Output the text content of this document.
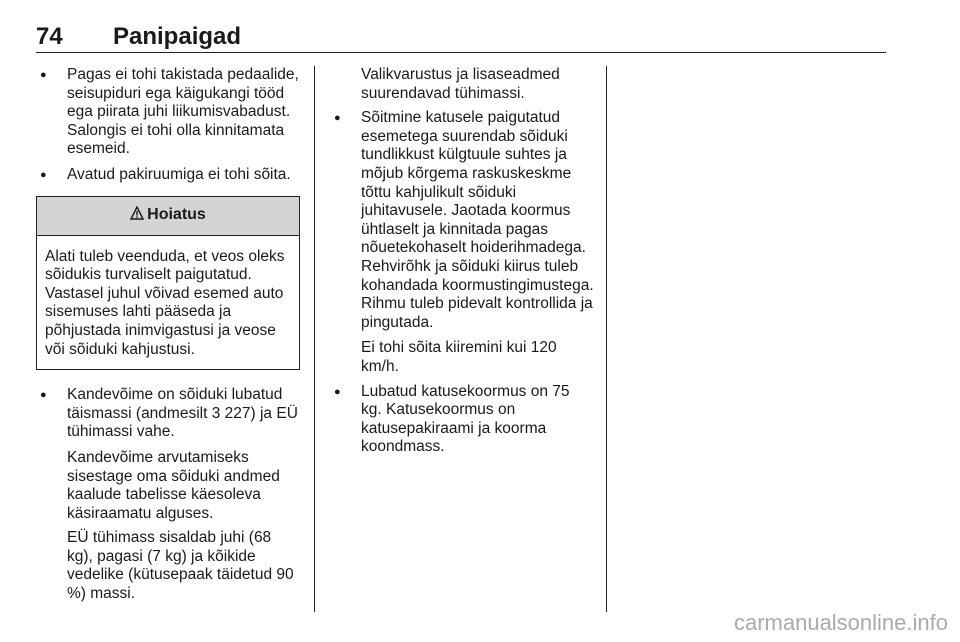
74 Panipaigad
● Pagas ei tohi takistada pedaalide, seisupiduri ega käigukangi tööd ega piirata juhi liikumisvabadust. Salongis ei tohi olla kinnitamata esemeid.
● Avatud pakiruumiga ei tohi sõita.
Hoiatus
Alati tuleb veenduda, et veos oleks sõidukis turvaliselt paigutatud. Vastasel juhul võivad esemed auto sisemuses lahti pääseda ja põhjustada inimvigastusi ja veose või sõiduki kahjustusi.
● Kandevõime on sõiduki lubatud täismassi (andmesilt 3 227) ja EÜ tühimassi vahe.
Kandevõime arvutamiseks sisestage oma sõiduki andmed kaalude tabelisse käesoleva käsiraamatu alguses.
EÜ tühimass sisaldab juhi (68 kg), pagasi (7 kg) ja kõikide vedelike (kütusepaak täidetud 90 %) massi.
Valikvarustus ja lisaseadmed suurendavad tühimassi.
● Sõitmine katusele paigutatud esemetega suurendab sõiduki tundlikkust külgtuule suhtes ja mõjub kõrgema raskuskeskme tõttu kahjulikult sõiduki juhitavusele. Jaotada koormus ühtlaselt ja kinnitada pagas nõuetekohaselt hoiderihmadega. Rehvirõhk ja sõiduki kiirus tuleb kohandada koormustingimustega. Rihmu tuleb pidevalt kontrollida ja pingutada.
Ei tohi sõita kiiremini kui 120 km/h.
● Lubatud katusekoormus on 75 kg. Katusekoormus on katusepakiraami ja koorma koondmass.
carmanualsonline.info
